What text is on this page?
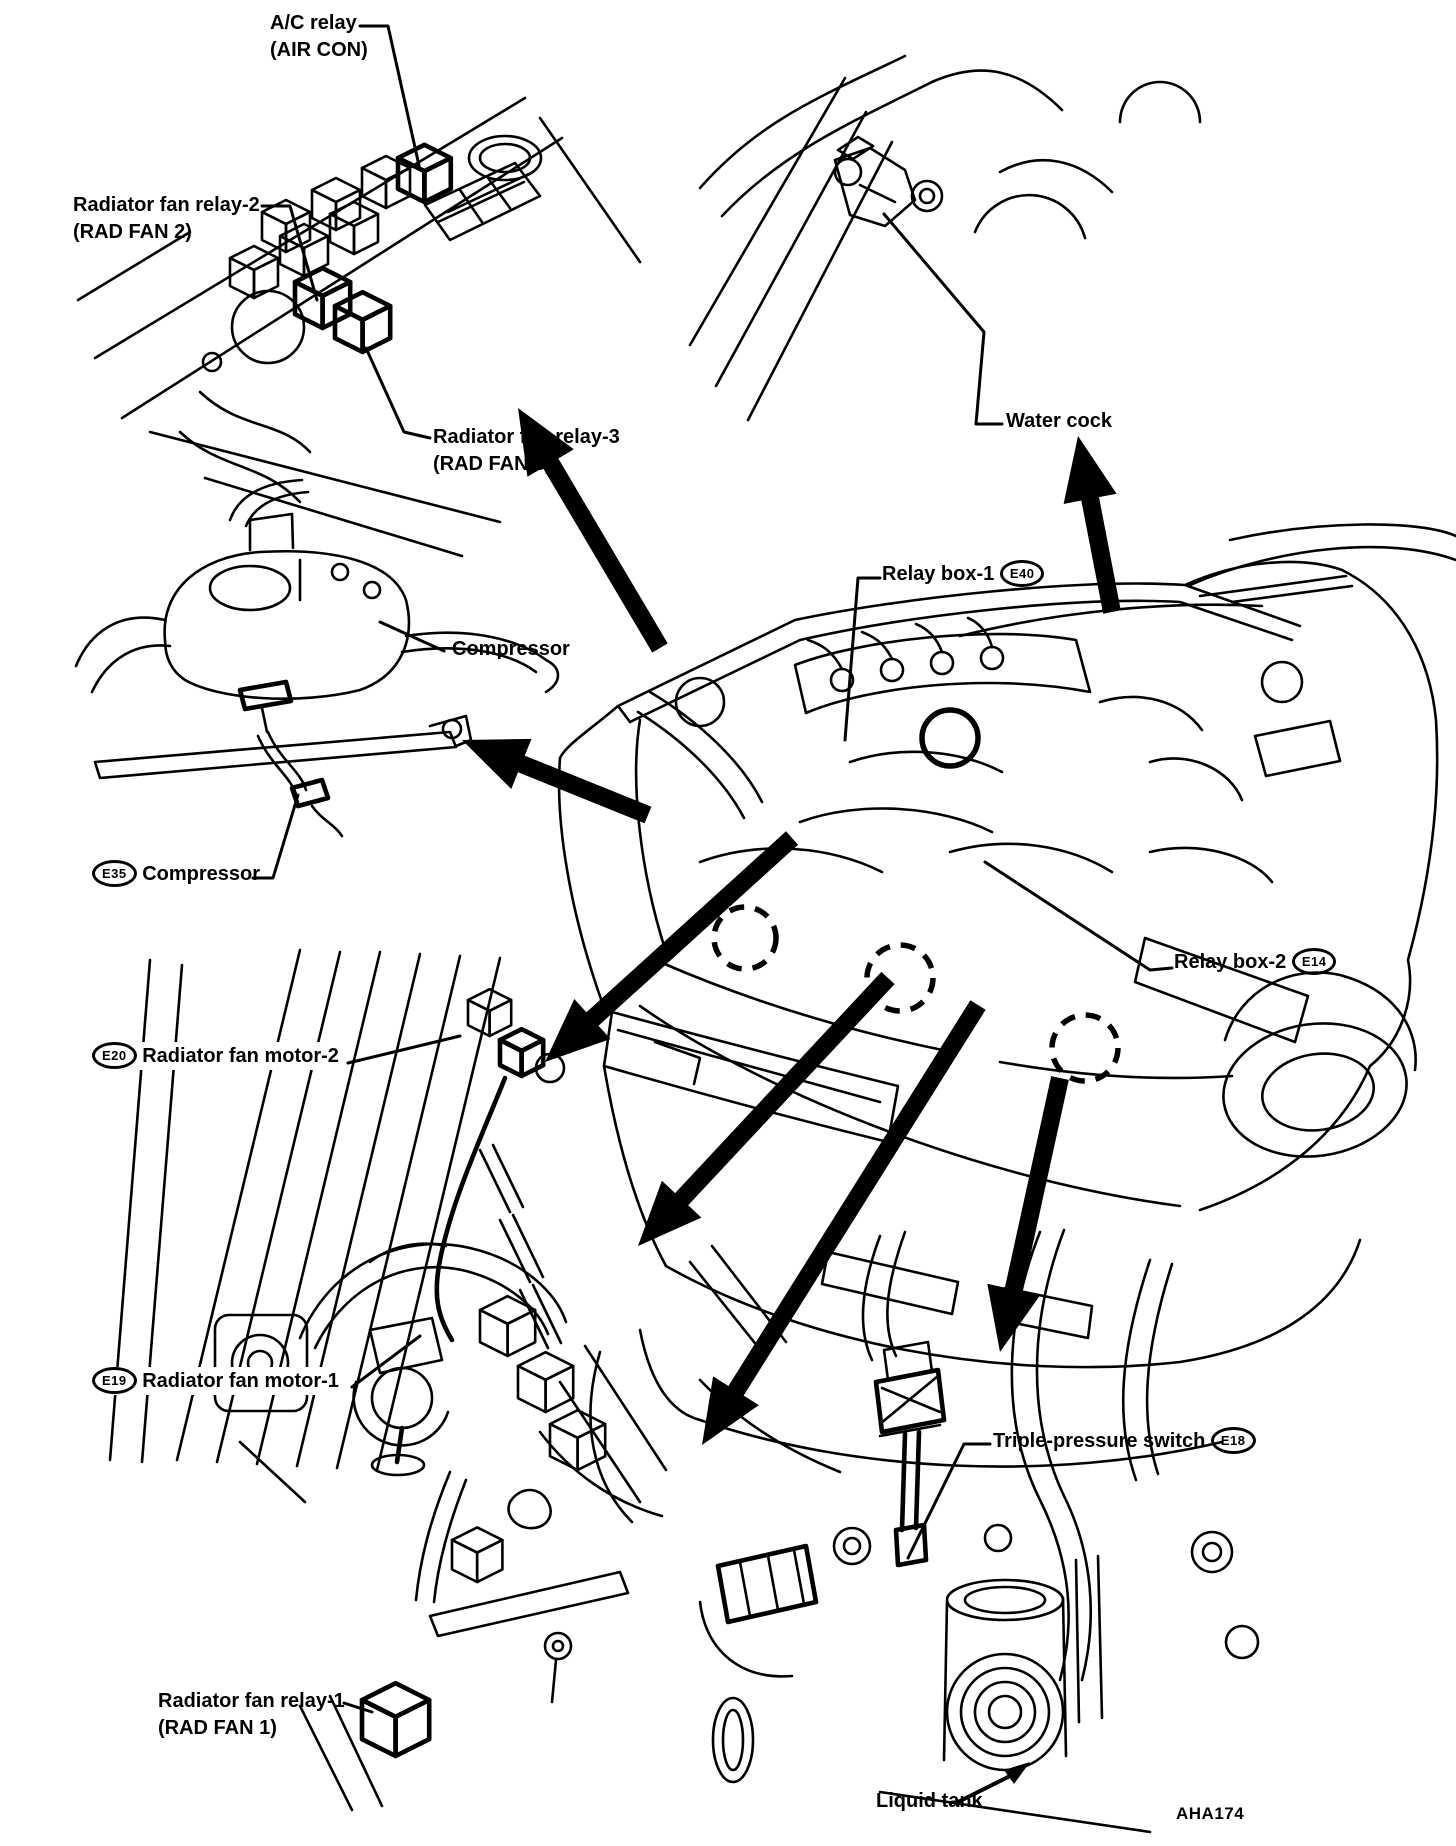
A/C relay
(AIR CON)
Radiator fan relay-2
(RAD FAN 2)
Radiator fan relay-3
(RAD FAN 3)
Water cock
Relay box-1 E40
Compressor
E35 Compressor
Relay box-2 E14
E20 Radiator fan motor-2
E19 Radiator fan motor-1
Radiator fan relay-1
(RAD FAN 1)
Triple-pressure switch E18
Liquid tank
AHA174
